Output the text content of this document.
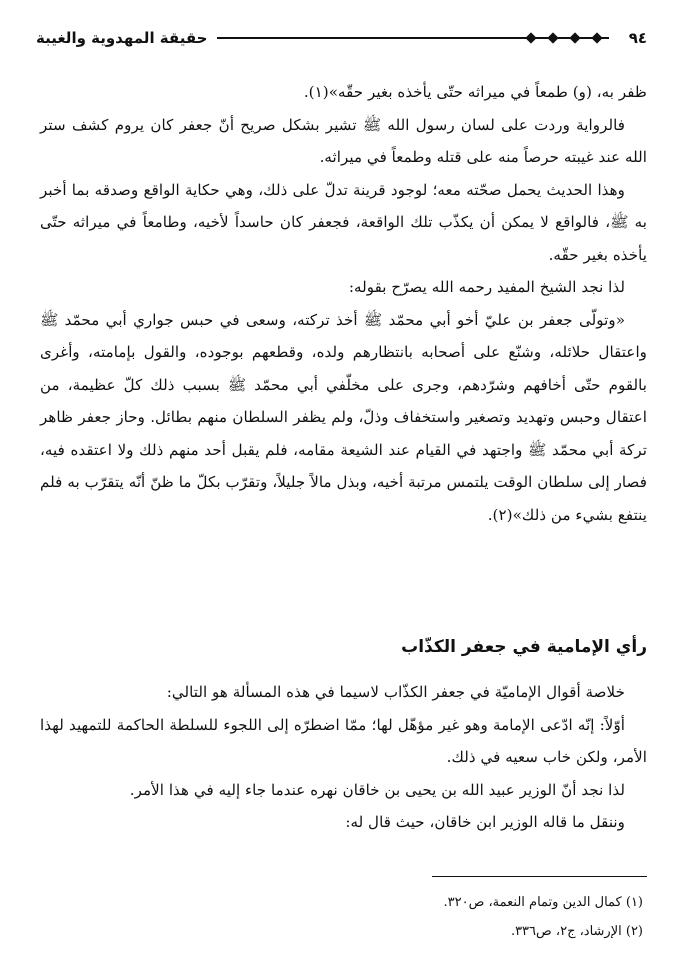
٩٤
حقيقة المهدوية والغيبة

ظفر به، (و) طمعاً في ميراثه حتّى يأخذه بغير حقّه»(١).

فالرواية وردت على لسان رسول الله ﷺ تشير بشكل صريح أنّ جعفر كان يروم كشف ستر الله عند غيبته حرصاً منه على قتله وطمعاً في ميراثه.

وهذا الحديث يحمل صحّته معه؛ لوجود قرينة تدلّ على ذلك، وهي حكاية الواقع وصدقه بما أخبر به ﷺ، فالواقع لا يمكن أن يكذّب تلك الواقعة، فجعفر كان حاسداً لأخيه، وطامعاً في ميراثه حتّى يأخذه بغير حقّه.

لذا نجد الشيخ المفيد رحمه الله يصرّح بقوله:

«وتولّى جعفر بن عليّ أخو أبي محمّد ﷺ أخذ تركته، وسعى في حبس جواري أبي محمّد ﷺ واعتقال حلائله، وشنّع على أصحابه بانتظارهم ولده، وقطعهم بوجوده، والقول بإمامته، وأغرى بالقوم حتّى أخافهم وشرّدهم، وجرى على مخلّفي أبي محمّد ﷺ بسبب ذلك كلّ عظيمة، من اعتقال وحبس وتهديد وتصغير واستخفاف وذلّ، ولم يظفر السلطان منهم بطائل. وحاز جعفر ظاهر تركة أبي محمّد ﷺ واجتهد في القيام عند الشيعة مقامه، فلم يقبل أحد منهم ذلك ولا اعتقده فيه، فصار إلى سلطان الوقت يلتمس مرتبة أخيه، وبذل مالاً جليلاً، وتقرّب بكلّ ما ظنّ أنّه يتقرّب به فلم ينتفع بشيء من ذلك»(٢).

رأي الإمامية في جعفر الكذّاب

خلاصة أقوال الإماميّة في جعفر الكذّاب لاسيما في هذه المسألة هو التالي:

أوّلاً: إنّه ادّعى الإمامة وهو غير مؤهّل لها؛ ممّا اضطرّه إلى اللجوء للسلطة الحاكمة للتمهيد لهذا الأمر، ولكن خاب سعيه في ذلك.

لذا نجد أنّ الوزير عبيد الله بن يحيى بن خاقان نهره عندما جاء إليه في هذا الأمر.

وننقل ما قاله الوزير ابن خاقان، حيث قال له:

(١) كمال الدين وتمام النعمة، ص٣٢٠.
(٢) الإرشاد، ج٢، ص٣٣٦.
